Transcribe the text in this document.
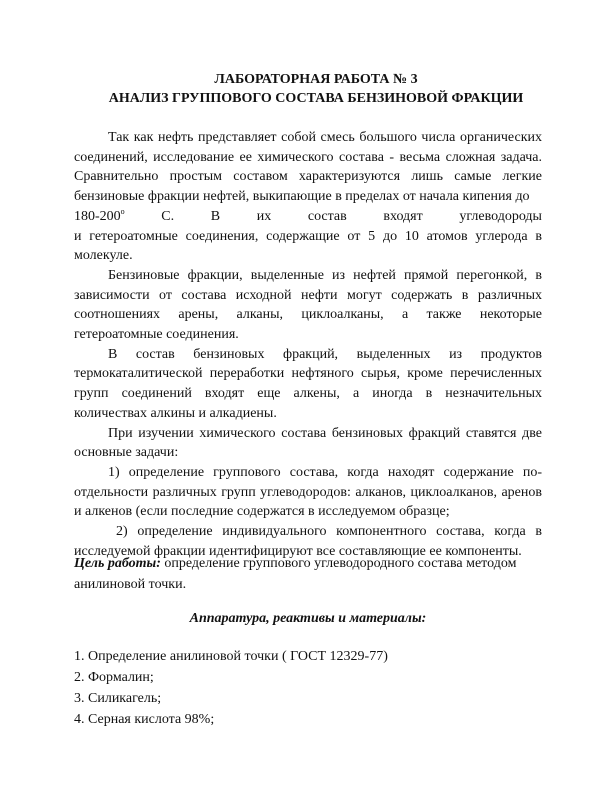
ЛАБОРАТОРНАЯ РАБОТА № 3
АНАЛИЗ ГРУППОВОГО СОСТАВА БЕНЗИНОВОЙ ФРАКЦИИ

Так как нефть представляет собой смесь большого числа органических соединений, исследование ее химического состава - весьма сложная задача. Сравнительно простым составом характеризуются лишь самые легкие бензиновые фракции нефтей, выкипающие в пределах от начала кипения до

$180-200^о$	С.	В	их	состав	входят	углеводороды

и гетероатомные соединения, содержащие от 5 до 10 атомов углерода в молекуле.

Бензиновые фракции, выделенные из нефтей прямой перегонкой, в зависимости от состава исходной нефти могут содержать в различных соотношениях арены, алканы, циклоалканы, а также некоторые гетероатомные соединения.

В состав бензиновых фракций, выделенных из продуктов термокаталитической переработки нефтяного сырья, кроме перечисленных групп соединений входят еще алкены, а иногда в незначительных количествах алкины и алкадиены.

При изучении химического состава бензиновых фракций ставятся две основные задачи:

1) определение группового состава, когда находят содержание по-отдельности различных групп углеводородов: алканов, циклоалканов, аренов и алкенов (если последние содержатся в исследуемом образце;

2) определение индивидуального компонентного состава, когда в исследуемой фракции идентифицируют все составляющие ее компоненты.

Цель работы: определение группового углеводородного состава методом анилиновой точки.
Аппаратура, реактивы и материалы:
1. Определение анилиновой точки ( ГОСТ 12329-77)
2. Формалин;
3. Силикагель;
4. Серная кислота 98%;
